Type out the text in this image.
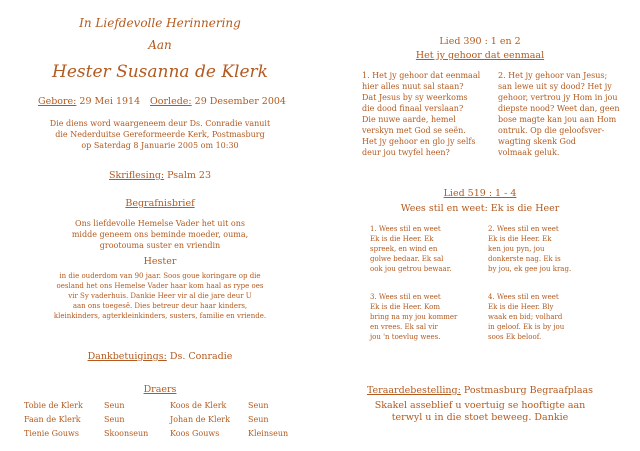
In Liefdevolle Herinnering
Aan
Hester Susanna de Klerk
Gebore: 29 Mei 1914 Oorlede: 29 Desember 2004
Die diens word waargeneem deur Ds. Conradie vanuit
die Nederduitse Gereformeerde Kerk, Postmasburg
op Saterdag 8 Januarie 2005 om 10:30
Skriflesing: Psalm 23
Begrafnisbrief
Ons liefdevolle Hemelse Vader het uit ons
midde geneem ons beminde moeder, ouma,
grootouma suster en vriendin
Hester
in die ouderdom van 90 jaar. Soos goue koringare op die
oesland het ons Hemelse Vader haar kom haal as rype oes
vir Sy vaderhuis. Dankie Heer vir al die jare deur U
aan ons toegesê. Dies betreur deur haar kinders,
kleinkinders, agterkleinkinders, susters, familie en vriende.
Dankbetuigings: Ds. Conradie
Draers
Tobie de Klerk	Seun	Koos de Klerk	Seun
Faan de Klerk	Seun	Johan de Klerk Seun
Tienie Gouws	Skoonseun	Koos Gouws	Kleinseun
Lied 390 : 1 en 2
Het jy gehoor dat eenmaal
1. Het jy gehoor dat eenmaal
hier alles nuut sal staan?
Dat Jesus by sy weerkoms
die dood finaal verslaan?
Die nuwe aarde, hemel
verskyn met God se seën.
Het jy gehoor en glo jy selfs
deur jou twyfel heen?
2. Het jy gehoor van Jesus;
san lewe uit sy dood? Het jy
gehoor, vertrou jy Hom in jou
diepste nood? Weet dan, geen
bose magte kan jou aan Hom
ontruk. Op die geloofsver-
wagting skenk God
volmaak geluk.
Lied 519 : 1 - 4
Wees stil en weet: Ek is die Heer
1. Wees stil en weet
Ek is die Heer. Ek
spreek, en wind en
golwe bedaar. Ek sal
ook jou getrou bewaar.
2. Wees stil en weet
Ek is die Heer. Ek
ken jou pyn, jou
donkerste nag. Ek is
by jou, ek gee jou krag.
3. Wees stil en weet
Ek is die Heer. Kom
bring na my jou kommer
en vrees. Ek sal vir
jou 'n toevlug wees.
4. Wees stil en weet
Ek is die Heer. Bly
waak en bid; volhard
in geloof. Ek is by jou
soos Ek beloof.
Teraardebestelling: Postmasburg Begraafplaas
Skakel asseblief u voertuig se hooftigte aan
terwyl u in die stoet beweeg. Dankie
